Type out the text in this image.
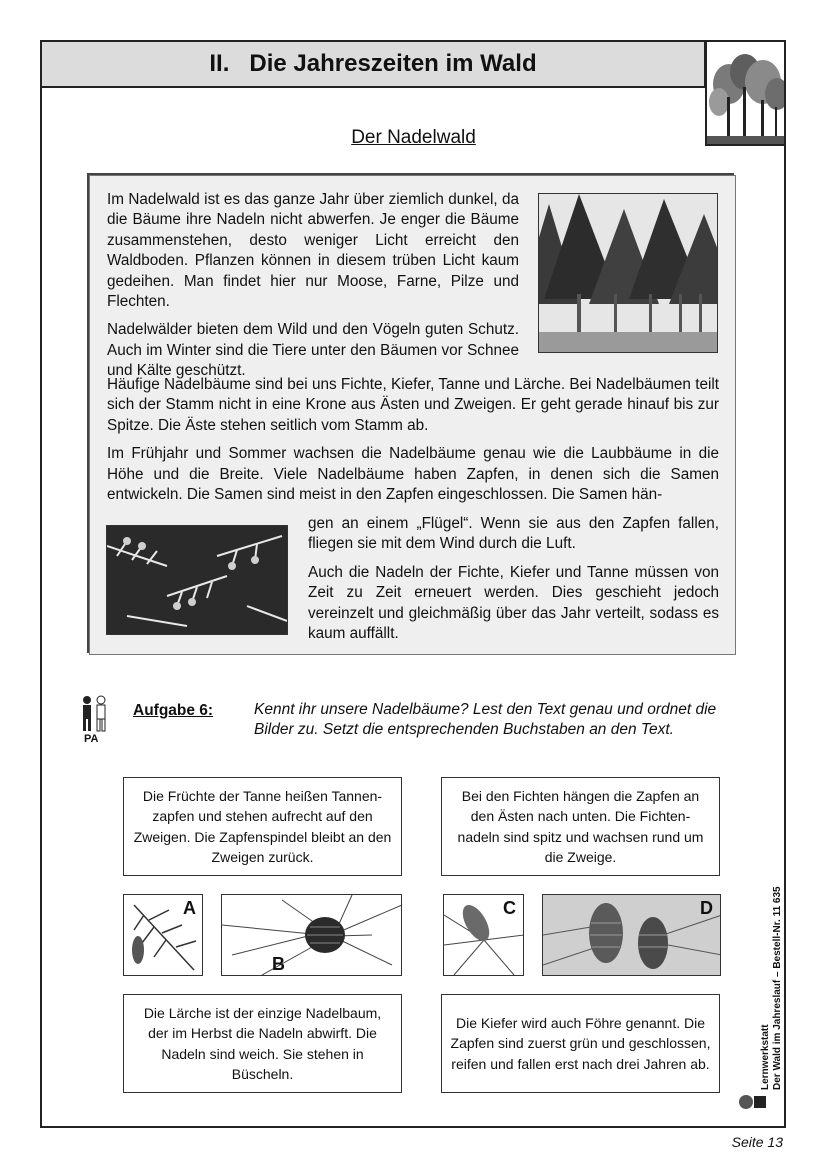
II.   Die Jahreszeiten im Wald
Der Nadelwald

Im Nadelwald ist es das ganze Jahr über ziemlich dunkel, da die Bäume ihre Nadeln nicht abwerfen. Je enger die Bäume zusammenstehen, desto weniger Licht erreicht den Waldboden. Pflanzen können in diesem trüben Licht kaum gedeihen. Man findet hier nur Moose, Farne, Pilze und Flechten.

Nadelwälder bieten dem Wild und den Vögeln guten Schutz. Auch im Winter sind die Tiere unter den Bäumen vor Schnee und Kälte geschützt.

Häufige Nadelbäume sind bei uns Fichte, Kiefer, Tanne und Lärche. Bei Nadelbäumen teilt sich der Stamm nicht in eine Krone aus Ästen und Zweigen. Er geht gerade hinauf bis zur Spitze. Die Äste stehen seitlich vom Stamm ab.

Im Frühjahr und Sommer wachsen die Nadelbäume genau wie die Laubbäume in die Höhe und die Breite. Viele Nadelbäume haben Zapfen, in denen sich die Samen entwickeln. Die Samen sind meist in den Zapfen eingeschlossen. Die Samen hän-

gen an einem „Flügel“. Wenn sie aus den Zapfen fallen, fliegen sie mit dem Wind durch die Luft.

Auch die Nadeln der Fichte, Kiefer und Tanne müssen von Zeit zu Zeit erneuert werden. Dies geschieht jedoch vereinzelt und gleichmäßig über das Jahr verteilt, sodass es kaum auffällt.

PA
Aufgabe 6:	Kennt ihr unsere Nadelbäume? Lest den Text genau und ordnet die Bilder zu. Setzt die entsprechenden Buchstaben an den Text.
Die Früchte der Tanne heißen Tannen-zapfen und stehen aufrecht auf den Zweigen. Die Zapfenspindel bleibt an den Zweigen zurück.
Bei den Fichten hängen die Zapfen an den Ästen nach unten. Die Fichten-nadeln sind spitz und wachsen rund um die Zweige.
A
B
C	D
Die Lärche ist der einzige Nadelbaum, der im Herbst die Nadeln abwirft. Die Nadeln sind weich. Sie stehen in Büscheln.
Die Kiefer wird auch Föhre genannt. Die Zapfen sind zuerst grün und geschlossen, reifen und fallen erst nach drei Jahren ab.	Lernwerkstatt Der Wald im Jahreslauf – Bestell-Nr. 11 635
Seite 13
